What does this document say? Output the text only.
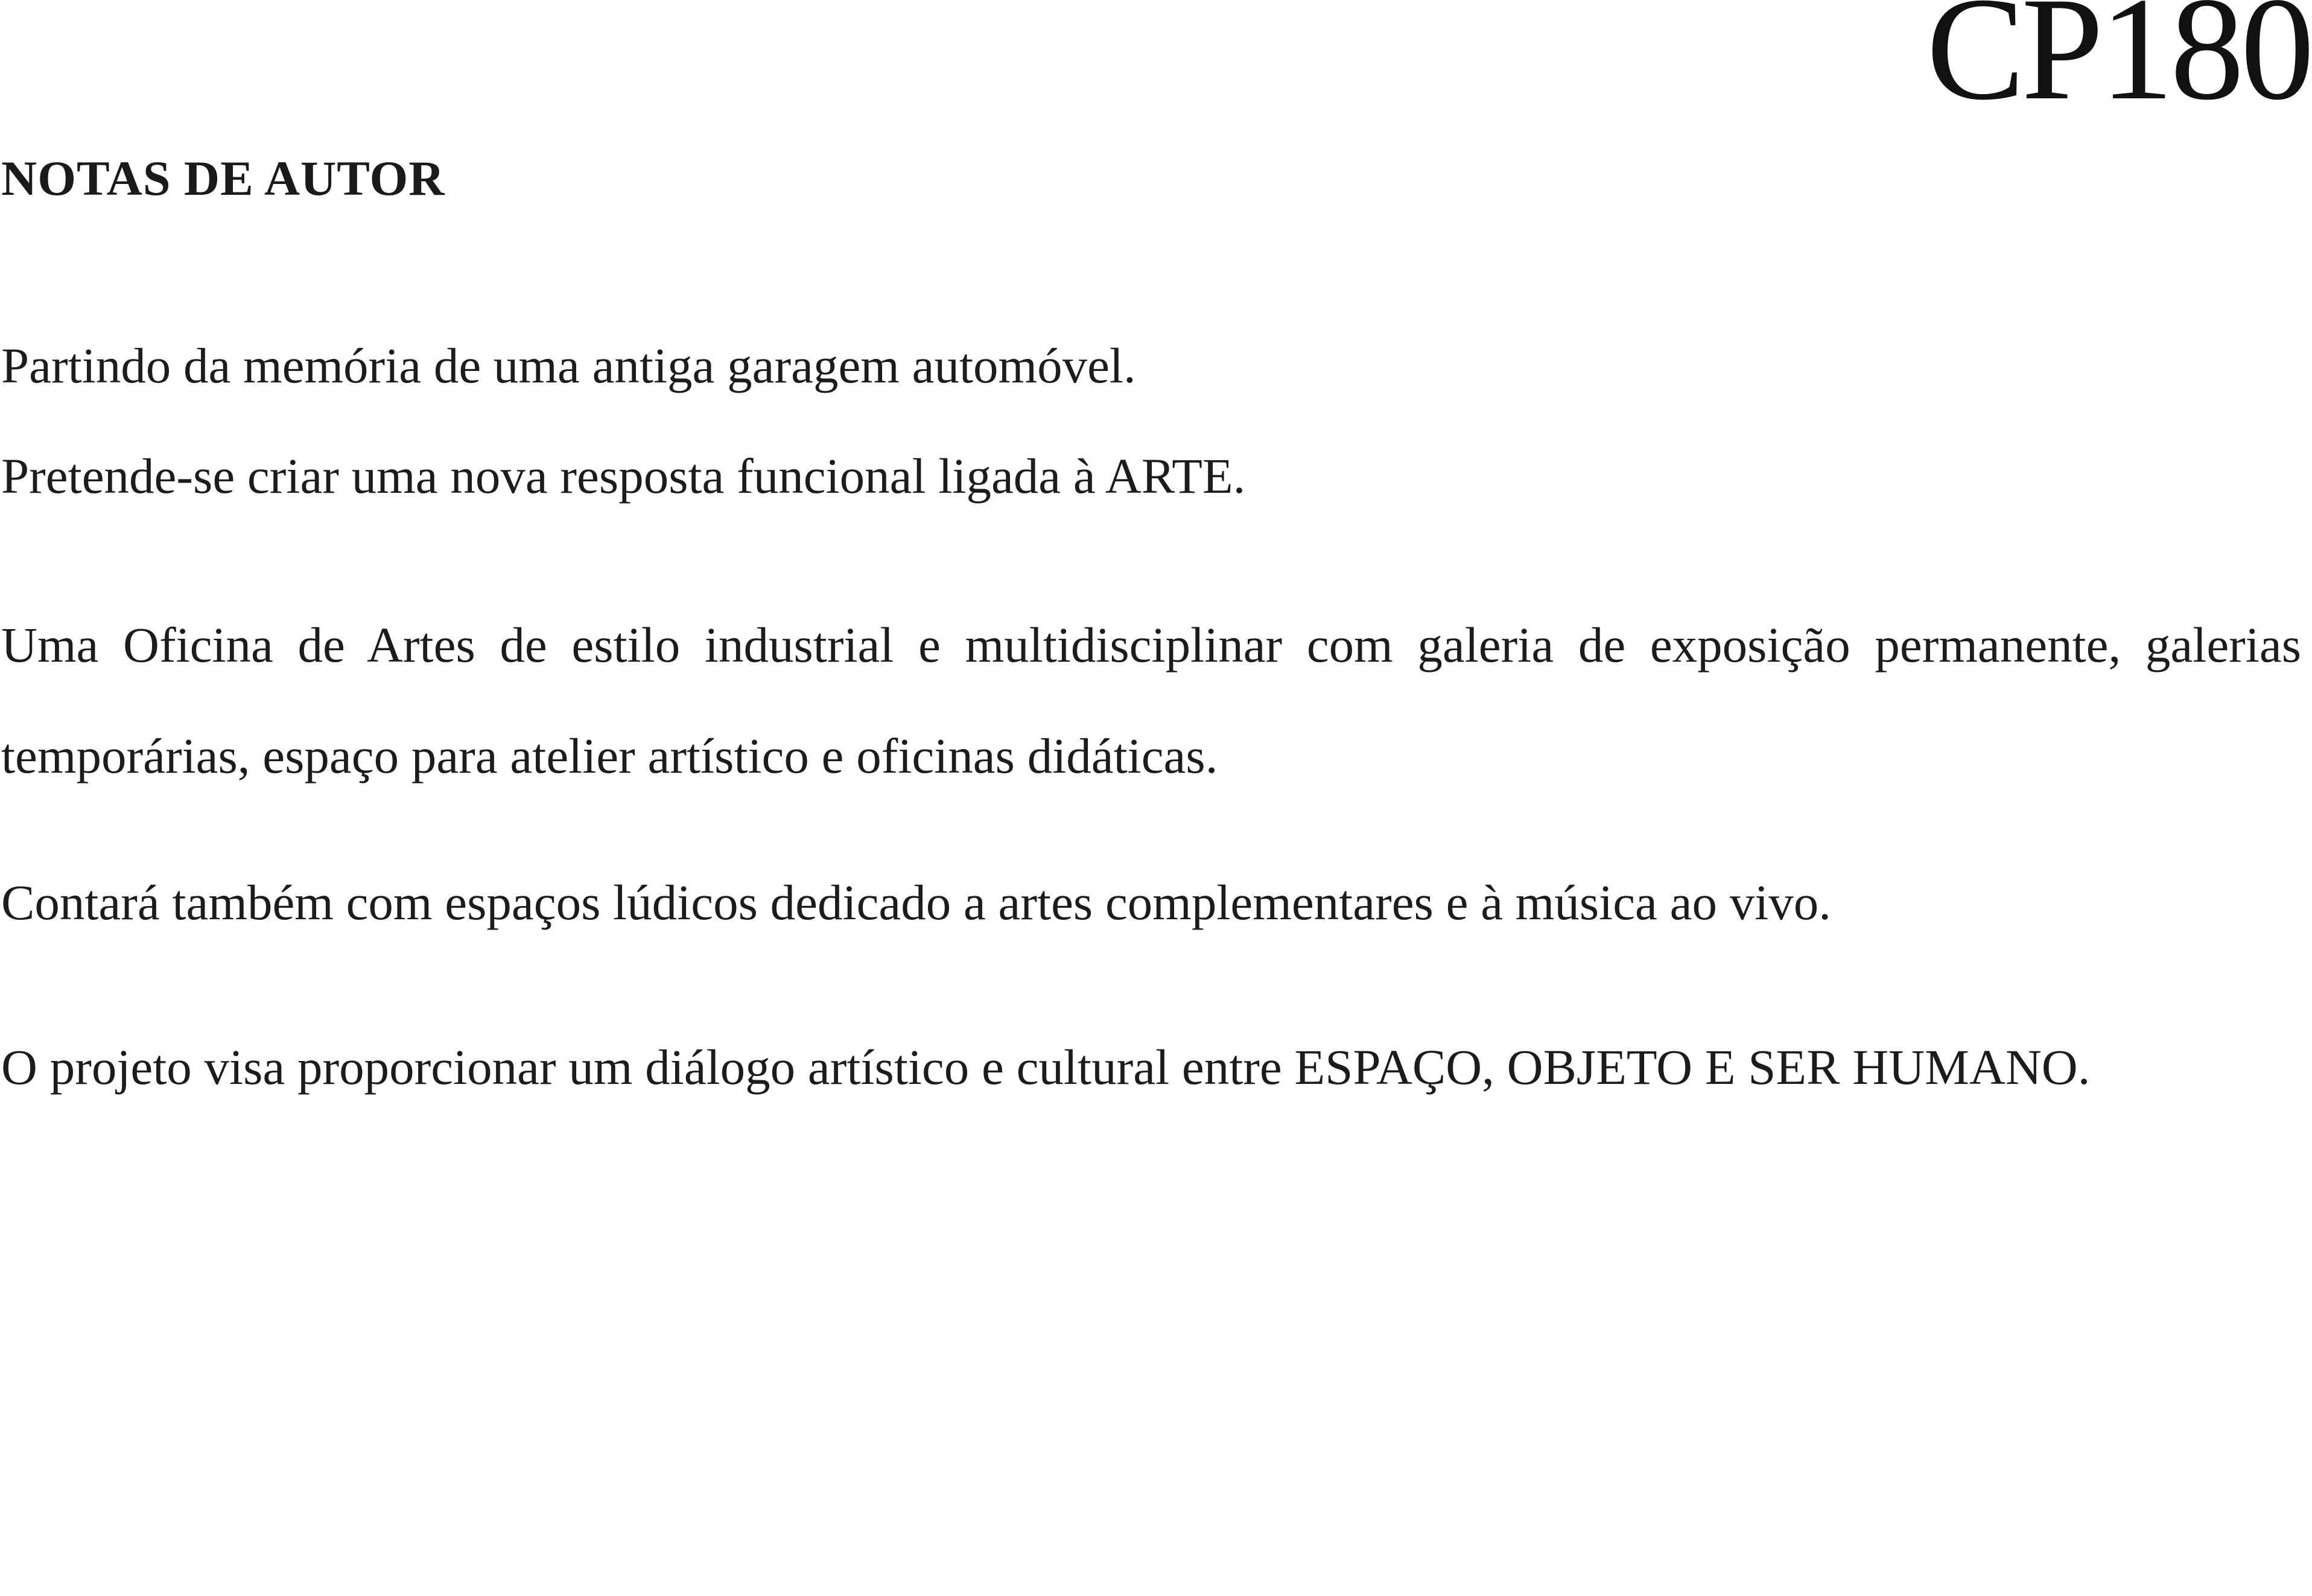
CP180
NOTAS DE AUTOR

Partindo da memória de uma antiga garagem automóvel.

Pretende-se criar uma nova resposta funcional ligada à ARTE.

Uma Oficina de Artes de estilo industrial e multidisciplinar com galeria de exposição permanente, galerias temporárias, espaço para atelier artístico e oficinas didáticas.

Contará também com espaços lúdicos dedicado a artes complementares e à música ao vivo.

O projeto visa proporcionar um diálogo artístico e cultural entre ESPAÇO, OBJETO E SER HUMANO.
